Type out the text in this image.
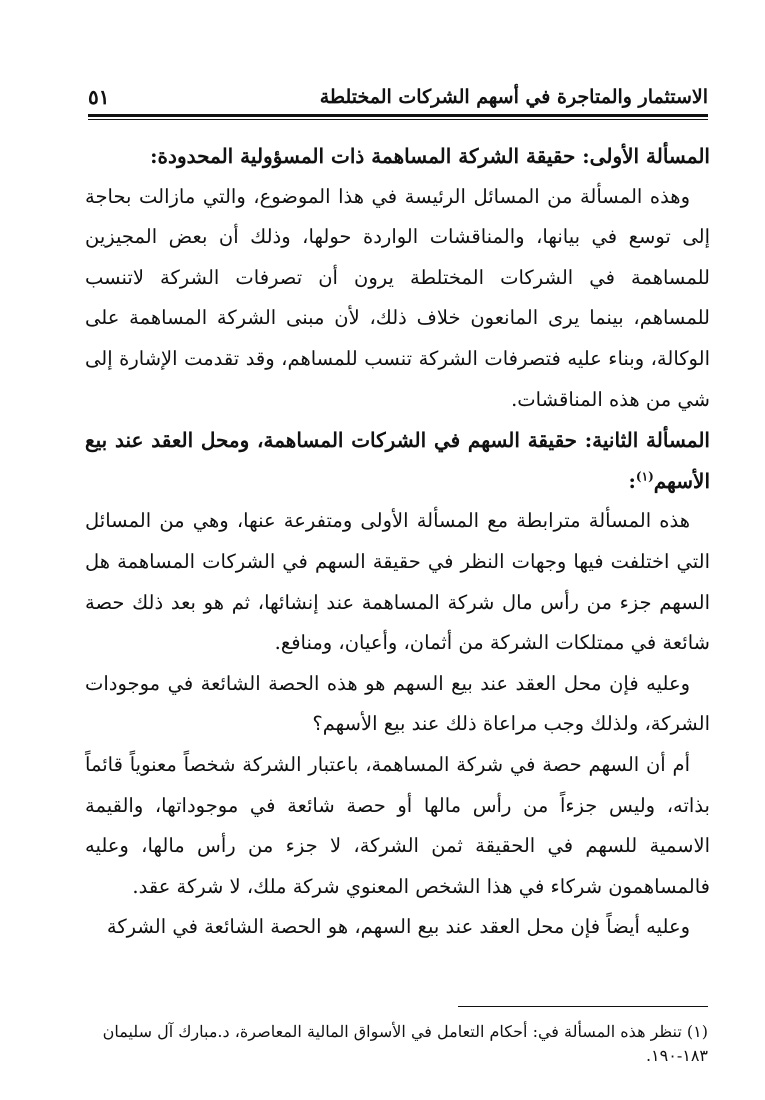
الاستثمار والمتاجرة في أسهم الشركات المختلطة
٥١

المسألة الأولى: حقيقة الشركة المساهمة ذات المسؤولية المحدودة:

وهذه المسألة من المسائل الرئيسة في هذا الموضوع، والتي مازالت بحاجة إلى توسع في بيانها، والمناقشات الواردة حولها، وذلك أن بعض المجيزين للمساهمة في الشركات المختلطة يرون أن تصرفات الشركة لاتنسب للمساهم، بينما يرى المانعون خلاف ذلك، لأن مبنى الشركة المساهمة على الوكالة، وبناء عليه فتصرفات الشركة تنسب للمساهم، وقد تقدمت الإشارة إلى شي من هذه المناقشات.

المسألة الثانية: حقيقة السهم في الشركات المساهمة، ومحل العقد عند بيع الأسهم$^{(١)}$:

هذه المسألة مترابطة مع المسألة الأولى ومتفرعة عنها، وهي من المسائل التي اختلفت فيها وجهات النظر في حقيقة السهم في الشركات المساهمة هل السهم جزء من رأس مال شركة المساهمة عند إنشائها، ثم هو بعد ذلك حصة شائعة في ممتلكات الشركة من أثمان، وأعيان، ومنافع.

وعليه فإن محل العقد عند بيع السهم هو هذه الحصة الشائعة في موجودات الشركة، ولذلك وجب مراعاة ذلك عند بيع الأسهم؟

أم أن السهم حصة في شركة المساهمة، باعتبار الشركة شخصاً معنوياً قائماً بذاته، وليس جزءاً من رأس مالها أو حصة شائعة في موجوداتها، والقيمة الاسمية للسهم في الحقيقة ثمن الشركة، لا جزء من رأس مالها، وعليه فالمساهمون شركاء في هذا الشخص المعنوي شركة ملك، لا شركة عقد.

وعليه أيضاً فإن محل العقد عند بيع السهم، هو الحصة الشائعة في الشركة

(١) تنظر هذه المسألة في: أحكام التعامل في الأسواق المالية المعاصرة، د.مبارك آل سليمان ١٨٣-١٩٠.
